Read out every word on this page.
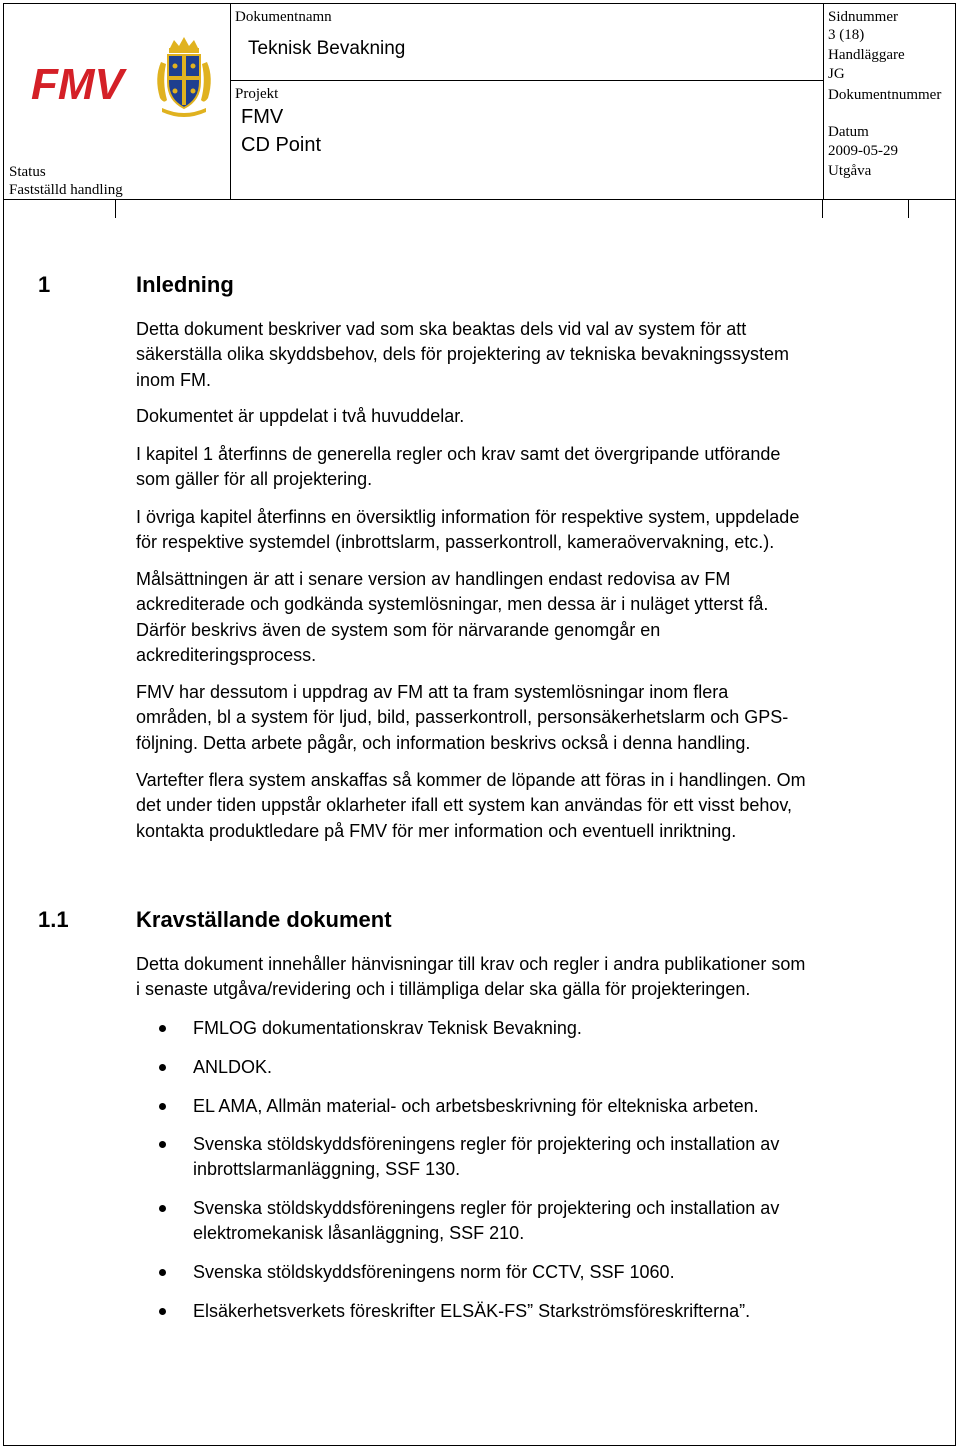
FMV
Status
Fastställd handling
Dokumentnamn
Teknisk Bevakning
Projekt
FMV
CD Point
Sidnummer
3 (18)
Handläggare
JG
Dokumentnummer
Datum
2009-05-29
Utgåva
1	Inledning
Detta dokument beskriver vad som ska beaktas dels vid val av system för att
säkerställa olika skyddsbehov, dels för projektering av tekniska bevakningssystem
inom FM.
Dokumentet är uppdelat i två huvuddelar.
I kapitel 1 återfinns de generella regler och krav samt det övergripande utförande
som gäller för all projektering.
I övriga kapitel återfinns en översiktlig information för respektive system, uppdelade
för respektive systemdel (inbrottslarm, passerkontroll, kameraövervakning, etc.).
Målsättningen är att i senare version av handlingen endast redovisa av FM
ackrediterade och godkända systemlösningar, men dessa är i nuläget ytterst få.
Därför beskrivs även de system som för närvarande genomgår en
ackrediteringsprocess.
FMV har dessutom i uppdrag av FM att ta fram systemlösningar inom flera
områden, bl a system för ljud, bild, passerkontroll, personsäkerhetslarm och GPS-
följning. Detta arbete pågår, och information beskrivs också i denna handling.
Vartefter flera system anskaffas så kommer de löpande att föras in i handlingen. Om
det under tiden uppstår oklarheter ifall ett system kan användas för ett visst behov,
kontakta produktledare på FMV för mer information och eventuell inriktning.
1.1	Kravställande dokument
Detta dokument innehåller hänvisningar till krav och regler i andra publikationer som
i senaste utgåva/revidering och i tillämpliga delar ska gälla för projekteringen.
FMLOG dokumentationskrav Teknisk Bevakning.
ANLDOK.
EL AMA, Allmän material- och arbetsbeskrivning för eltekniska arbeten.
Svenska stöldskyddsföreningens regler för projektering och installation av
inbrottslarmanläggning, SSF 130.
Svenska stöldskyddsföreningens regler för projektering och installation av
elektromekanisk låsanläggning, SSF 210.
Svenska stöldskyddsföreningens norm för CCTV, SSF 1060.
Elsäkerhetsverkets föreskrifter ELSÄK-FS” Starkströmsföreskrifterna”.
